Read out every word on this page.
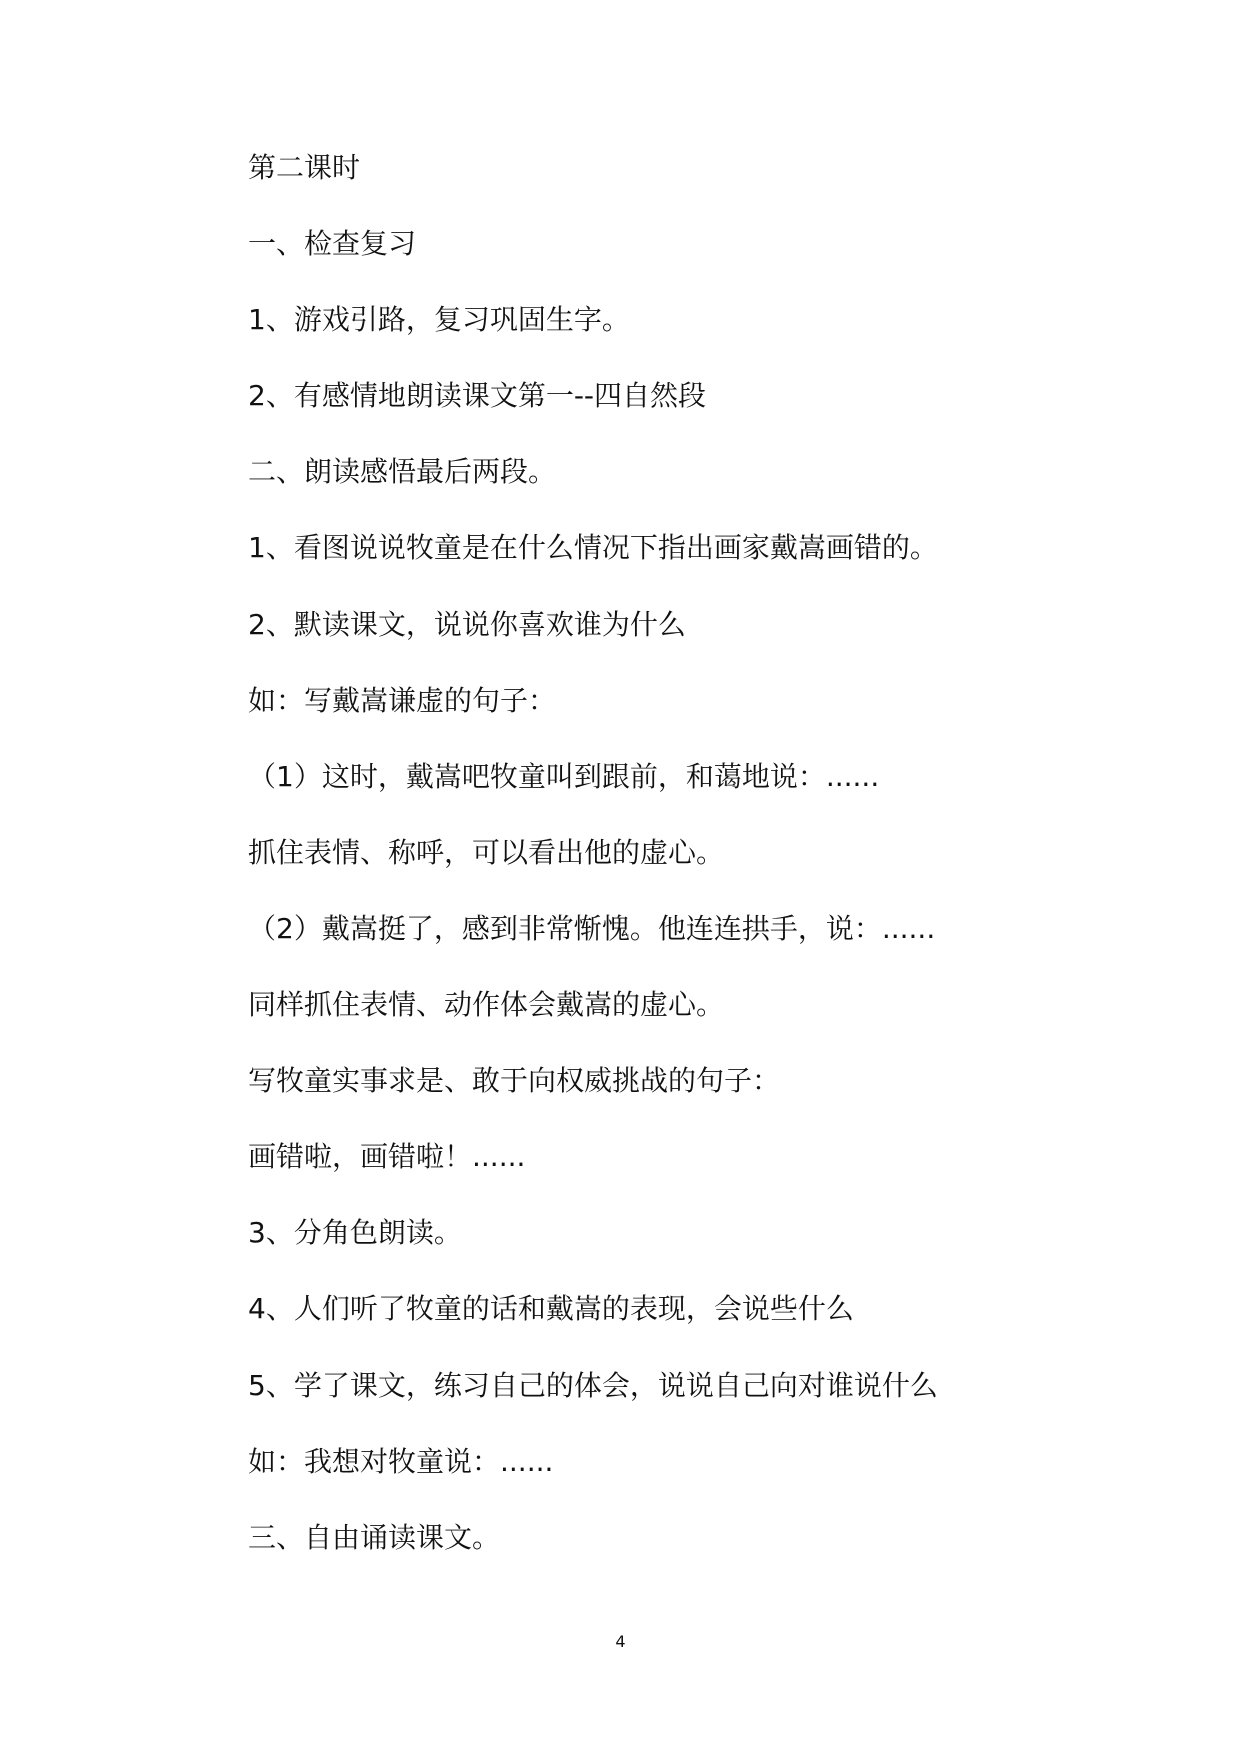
第二课时
一、检查复习
1、游戏引路，复习巩固生字。
2、有感情地朗读课文第一--四自然段
二、朗读感悟最后两段。
1、看图说说牧童是在什么情况下指出画家戴嵩画错的。
2、默读课文，说说你喜欢谁为什么
如：写戴嵩谦虚的句子：
（1）这时，戴嵩吧牧童叫到跟前，和蔼地说：......
抓住表情、称呼，可以看出他的虚心。
（2）戴嵩挺了，感到非常惭愧。他连连拱手，说：......
同样抓住表情、动作体会戴嵩的虚心。
写牧童实事求是、敢于向权威挑战的句子：
画错啦，画错啦！......
3、分角色朗读。
4、人们听了牧童的话和戴嵩的表现，会说些什么
5、学了课文，练习自己的体会，说说自己向对谁说什么
如：我想对牧童说：......
三、自由诵读课文。
4
